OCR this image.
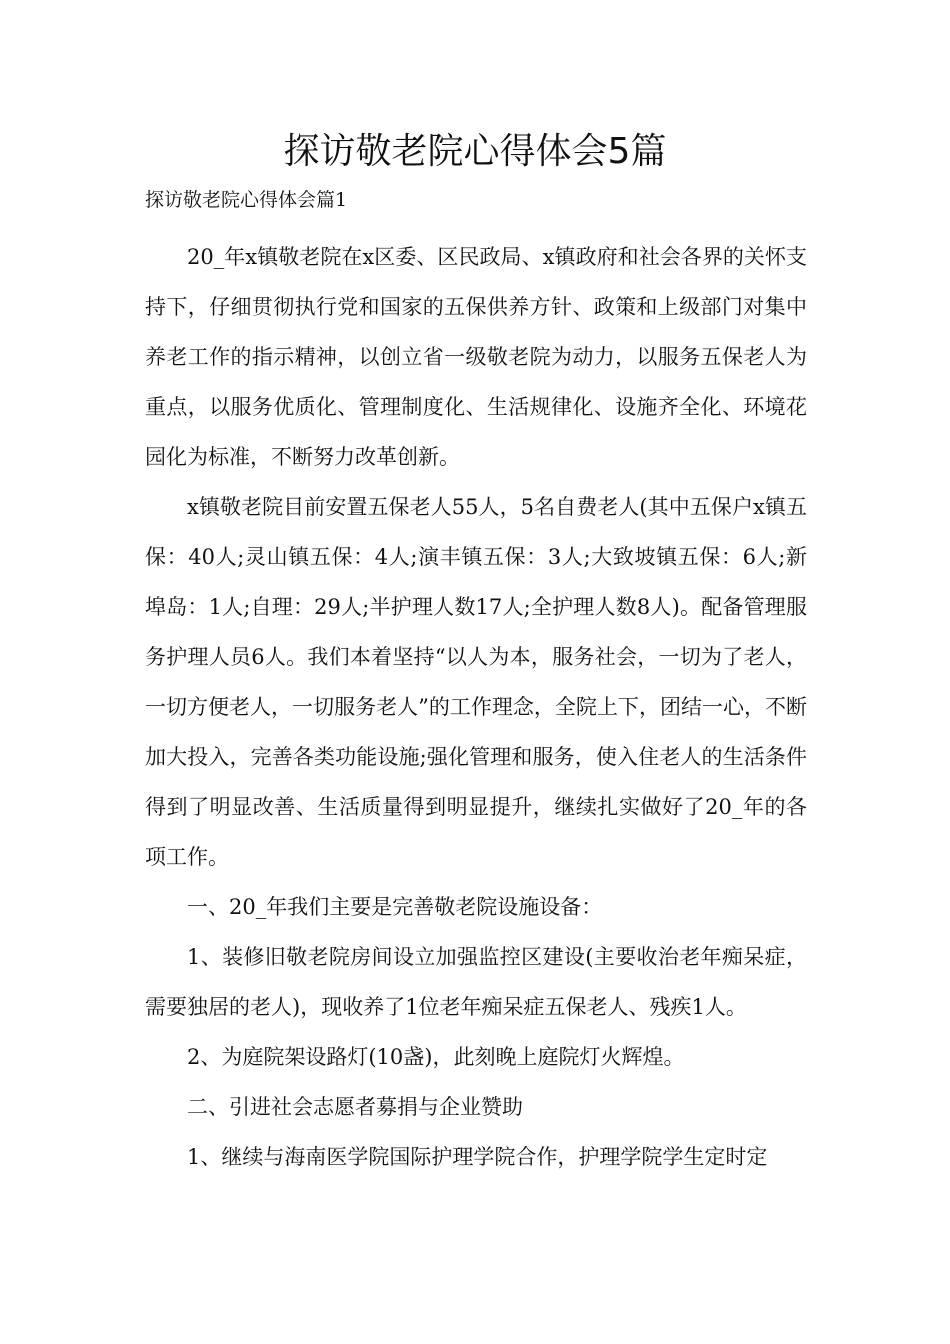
探访敬老院心得体会5篇

探访敬老院心得体会篇1

20_年x镇敬老院在x区委、区民政局、x镇政府和社会各界的关怀支持下，仔细贯彻执行党和国家的五保供养方针、政策和上级部门对集中养老工作的指示精神，以创立省一级敬老院为动力，以服务五保老人为重点，以服务优质化、管理制度化、生活规律化、设施齐全化、环境花园化为标准，不断努力改革创新。

x镇敬老院目前安置五保老人55人，5名自费老人(其中五保户x镇五保：40人;灵山镇五保：4人;演丰镇五保：3人;大致坡镇五保：6人;新埠岛：1人;自理：29人;半护理人数17人;全护理人数8人)。配备管理服务护理人员6人。我们本着坚持“以人为本，服务社会，一切为了老人，一切方便老人，一切服务老人”的工作理念，全院上下，团结一心，不断加大投入，完善各类功能设施;强化管理和服务，使入住老人的生活条件得到了明显改善、生活质量得到明显提升，继续扎实做好了20_年的各项工作。

一、20_年我们主要是完善敬老院设施设备：

1、装修旧敬老院房间设立加强监控区建设(主要收治老年痴呆症，需要独居的老人)，现收养了1位老年痴呆症五保老人、残疾1人。

2、为庭院架设路灯(10盏)，此刻晚上庭院灯火辉煌。

二、引进社会志愿者募捐与企业赞助

1、继续与海南医学院国际护理学院合作，护理学院学生定时定
